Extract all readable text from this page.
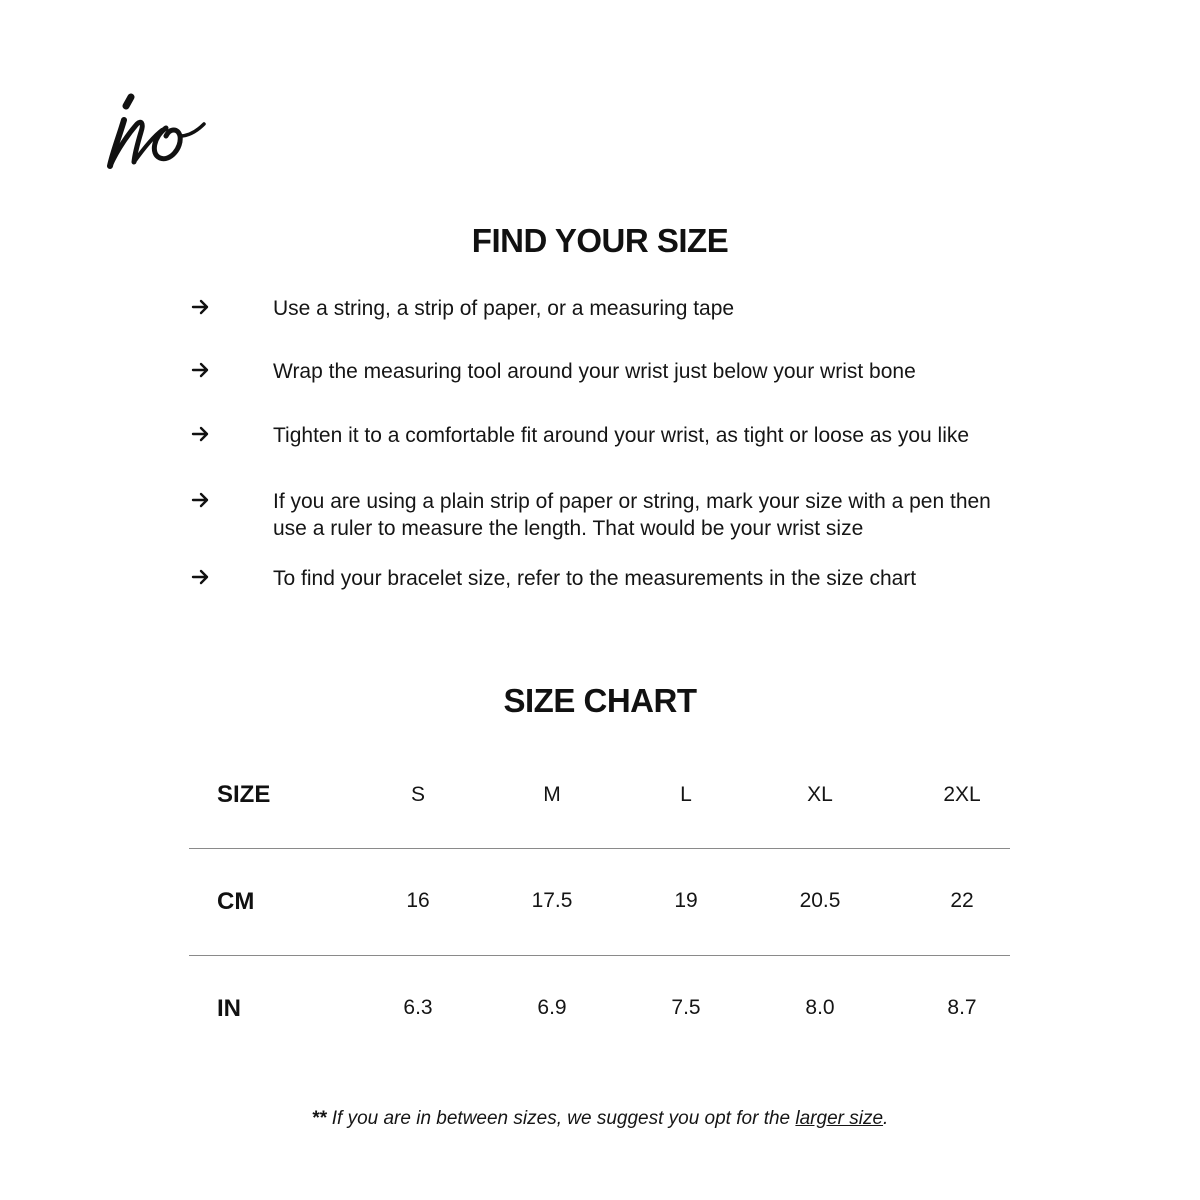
FIND YOUR SIZE
Use a string, a strip of paper, or a measuring tape
Wrap the measuring tool around your wrist just below your wrist bone
Tighten it to a comfortable fit around your wrist, as tight or loose as you like
If you are using a plain strip of paper or string, mark your size with a pen then
use a ruler to measure the length. That would be your wrist size
To find your bracelet size, refer to the measurements in the size chart
SIZE CHART
SIZE	S	M	L	XL	2XL
CM	16	17.5	19	20.5	22
IN	6.3	6.9	7.5	8.0	8.7

** If you are in between sizes, we suggest you opt for the larger size.
